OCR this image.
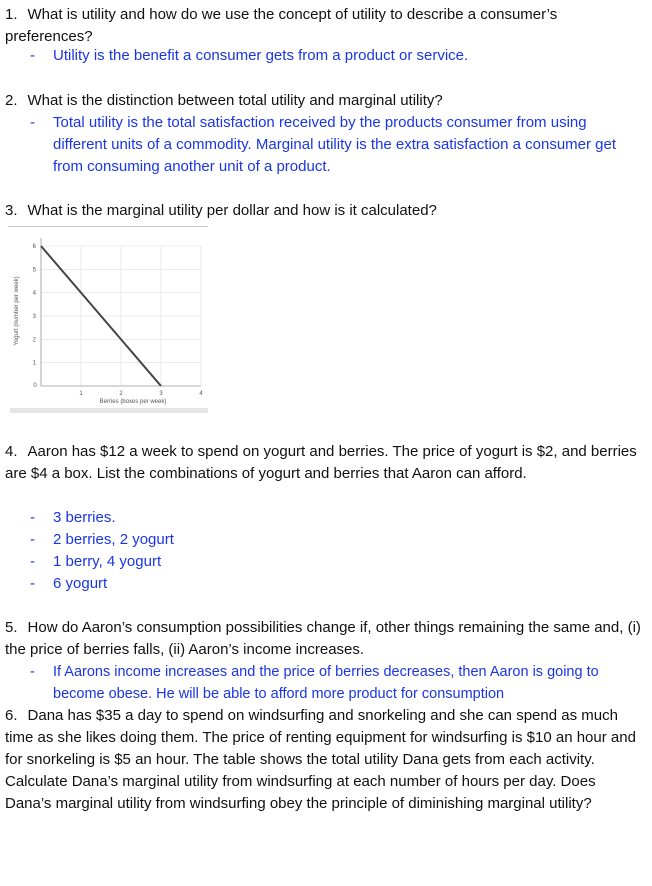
1. What is utility and how do we use the concept of utility to describe a consumer’s preferences?

-	Utility is the benefit a consumer gets from a product or service.

2. What is the distinction between total utility and marginal utility?

-	Total utility is the total satisfaction received by the products consumer from using different units of a commodity. Marginal utility is the extra satisfaction a consumer get from consuming another unit of a product.

3. What is the marginal utility per dollar and how is it calculated?

1
2
3
4
5
6
0
1	2	3	4
Yogurt (number per week)
Berries (boxes per week)

4. Aaron has $12 a week to spend on yogurt and berries. The price of yogurt is $2, and berries are $4 a box. List the combinations of yogurt and berries that Aaron can afford.

-	3 berries.
-	2 berries, 2 yogurt
-	1 berry, 4 yogurt
-	6 yogurt

5. How do Aaron’s consumption possibilities change if, other things remaining the same and, (i) the price of berries falls, (ii) Aaron’s income increases.

-	If Aarons income increases and the price of berries decreases, then Aaron is going to become obese. He will be able to afford more product for consumption

6. Dana has $35 a day to spend on windsurfing and snorkeling and she can spend as much time as she likes doing them. The price of renting equipment for windsurfing is $10 an hour and for snorkeling is $5 an hour. The table shows the total utility Dana gets from each activity. Calculate Dana’s marginal utility from windsurfing at each number of hours per day. Does Dana’s marginal utility from windsurfing obey the principle of diminishing marginal utility?
